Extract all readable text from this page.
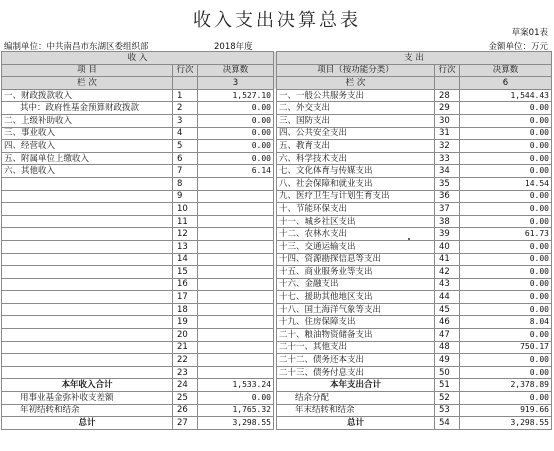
收入支出决算总表
草案01表
编制单位：中共南昌市东湖区委组织部	2018年度	金额单位：万元
收 入				支 出		
项 目	行次	决算数		项目（按功能分类）	行次	决算数
栏 次		3		栏 次		6
一、财政拨款收入	1	1,527.10		一、一般公共服务支出	28	1,544.43
其中：政府性基金预算财政拨款	2	0.00		二、外交支出	29	0.00
二、上级补助收入	3	0.00		三、国防支出	30	0.00
三、事业收入	4	0.00		四、公共安全支出	31	0.00
四、经营收入	5	0.00		五、教育支出	32	0.00
五、附属单位上缴收入	6	0.00		六、科学技术支出	33	0.00
六、其他收入	7	6.14		七、文化体育与传媒支出	34	0.00
	8			八、社会保障和就业支出	35	14.54
	9			九、医疗卫生与计划生育支出	36	0.00
	10			十、节能环保支出	37	0.00
	11			十一、城乡社区支出	38	0.00
	12			十二、农林水支出	39	61.73
	13			十三、交通运输支出	40	0.00
	14			十四、资源勘探信息等支出	41	0.00
	15			十五、商业服务业等支出	42	0.00
	16			十六、金融支出	43	0.00
	17			十七、援助其他地区支出	44	0.00
	18			十八、国土海洋气象等支出	45	0.00
	19			十九、住房保障支出	46	8.04
	20			二十、粮油物资储备支出	47	0.00
	21			二十一、其他支出	48	750.17
	22			二十二、债务还本支出	49	0.00
	23			二十三、债务付息支出	50	0.00
本年收入合计	24	1,533.24		本年支出合计	51	2,378.89
用事业基金弥补收支差额	25	0.00		结余分配	52	0.00
年初结转和结余	26	1,765.32		年末结转和结余	53	919.66
总计	27	3,298.55		总计	54	3,298.55
